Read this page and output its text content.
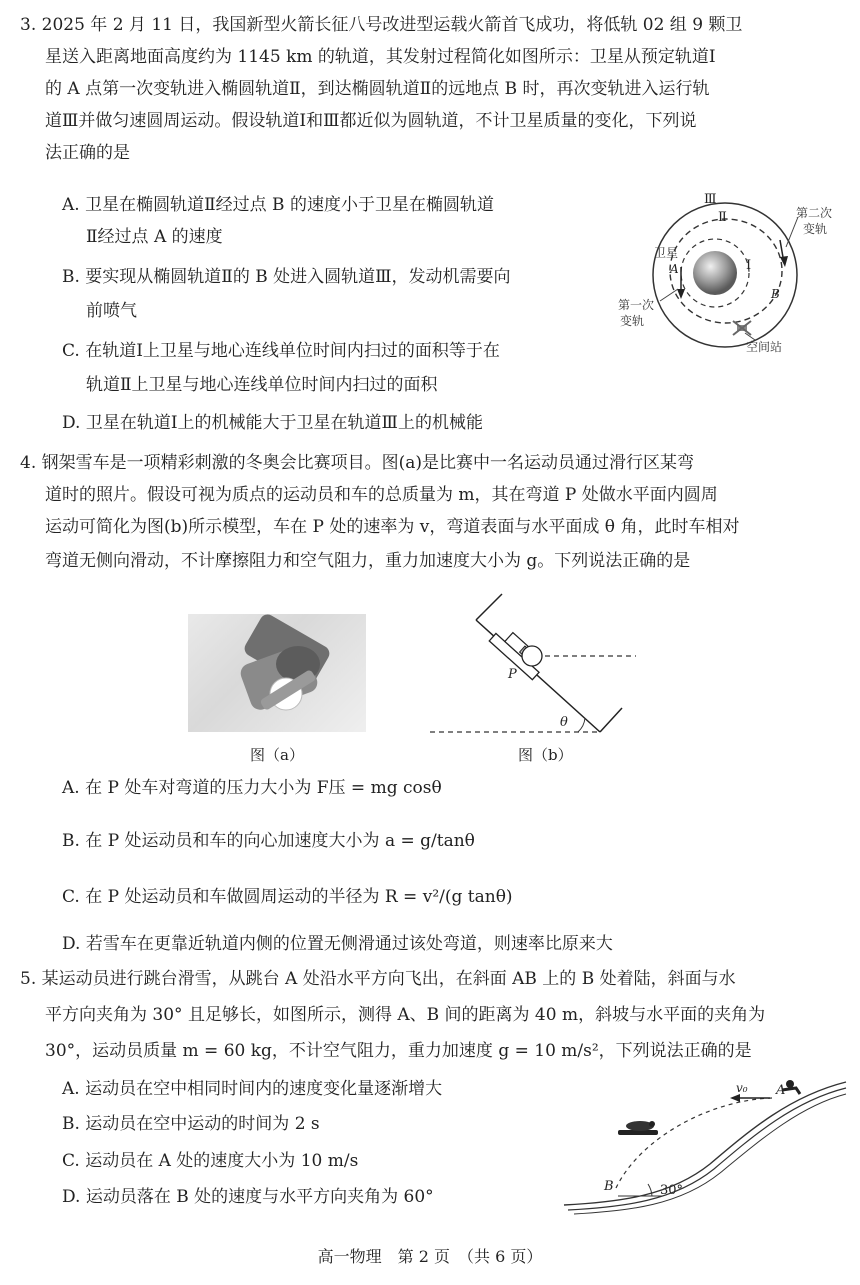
3. 2025 年 2 月 11 日，我国新型火箭长征八号改进型运载火箭首飞成功，将低轨 02 组 9 颗卫
星送入距离地面高度约为 1145 km 的轨道，其发射过程简化如图所示：卫星从预定轨道Ⅰ
的 A 点第一次变轨进入椭圆轨道Ⅱ，到达椭圆轨道Ⅱ的远地点 B 时，再次变轨进入运行轨
道Ⅲ并做匀速圆周运动。假设轨道Ⅰ和Ⅲ都近似为圆轨道，不计卫星质量的变化，下列说
法正确的是
A. 卫星在椭圆轨道Ⅱ经过点 B 的速度小于卫星在椭圆轨道
Ⅱ经过点 A 的速度
B. 要实现从椭圆轨道Ⅱ的 B 处进入圆轨道Ⅲ，发动机需要向
前喷气
C. 在轨道Ⅰ上卫星与地心连线单位时间内扫过的面积等于在
轨道Ⅱ上卫星与地心连线单位时间内扫过的面积
D. 卫星在轨道Ⅰ上的机械能大于卫星在轨道Ⅲ上的机械能
Ⅲ
Ⅱ
Ⅰ
卫星
A
B
第二次
变轨
第一次
变轨
空间站
4. 钢架雪车是一项精彩刺激的冬奥会比赛项目。图(a)是比赛中一名运动员通过滑行区某弯
道时的照片。假设可视为质点的运动员和车的总质量为 m，其在弯道 P 处做水平面内圆周
运动可简化为图(b)所示模型，车在 P 处的速率为 v，弯道表面与水平面成 θ 角，此时车相对
弯道无侧向滑动，不计摩擦阻力和空气阻力，重力加速度大小为 g。下列说法正确的是
图（a）
P
θ
图（b）
A. 在 P 处车对弯道的压力大小为 F压 = mg cosθ
B. 在 P 处运动员和车的向心加速度大小为 a = g/tanθ
C. 在 P 处运动员和车做圆周运动的半径为 R = v²/(g tanθ)
D. 若雪车在更靠近轨道内侧的位置无侧滑通过该处弯道，则速率比原来大
5. 某运动员进行跳台滑雪，从跳台 A 处沿水平方向飞出，在斜面 AB 上的 B 处着陆，斜面与水
平方向夹角为 30° 且足够长，如图所示，测得 A、B 间的距离为 40 m，斜坡与水平面的夹角为
30°，运动员质量 m = 60 kg，不计空气阻力，重力加速度 g = 10 m/s²，下列说法正确的是
A. 运动员在空中相同时间内的速度变化量逐渐增大
B. 运动员在空中运动的时间为 2 s
C. 运动员在 A 处的速度大小为 10 m/s
D. 运动员落在 B 处的速度与水平方向夹角为 60°
v₀ A
B	30°
高一物理　第 2 页　（共 6 页）
